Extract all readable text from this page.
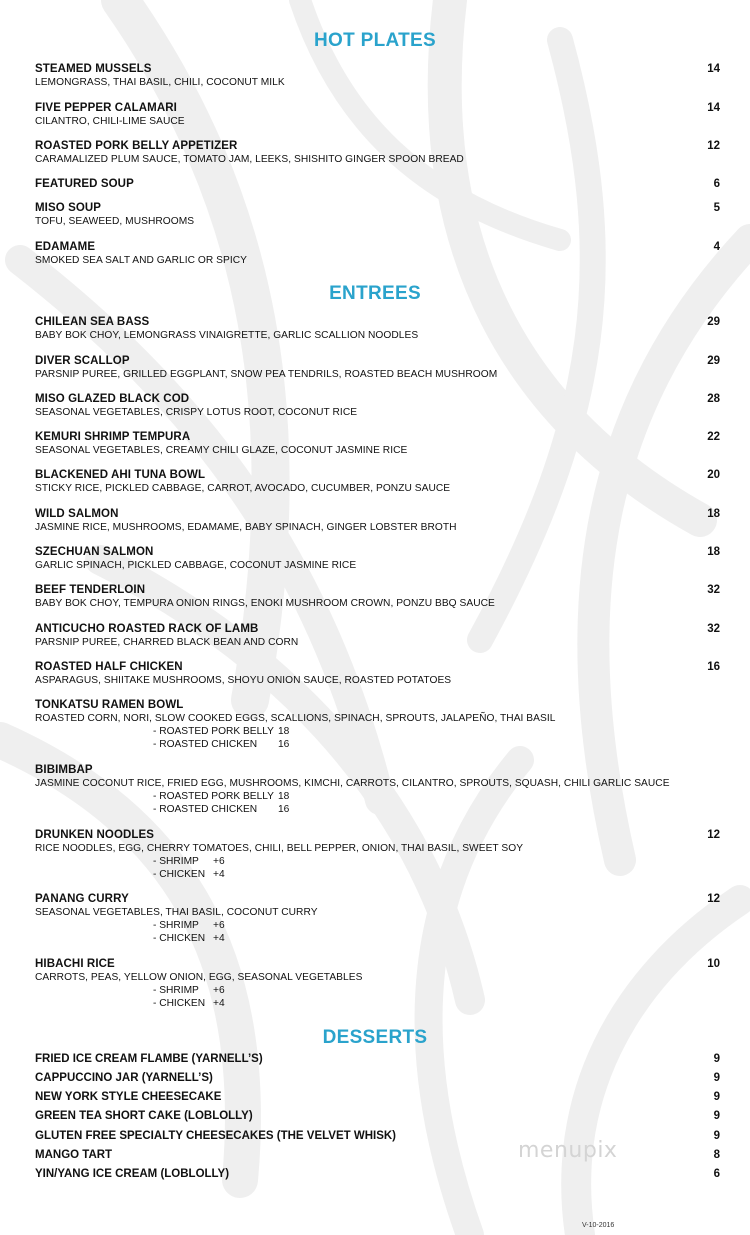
HOT PLATES
STEAMED MUSSELS
LEMONGRASS, THAI BASIL, CHILI, COCONUT MILK
14
FIVE PEPPER CALAMARI
CILANTRO, CHILI-LIME SAUCE
14
ROASTED PORK BELLY APPETIZER
CARAMALIZED PLUM SAUCE, TOMATO JAM, LEEKS, SHISHITO GINGER SPOON BREAD
12
FEATURED SOUP	6
MISO SOUP
TOFU, SEAWEED, MUSHROOMS
5
EDAMAME
SMOKED SEA SALT AND GARLIC OR SPICY
4
ENTREES
CHILEAN SEA BASS
BABY BOK CHOY, LEMONGRASS VINAIGRETTE, GARLIC SCALLION NOODLES
29
DIVER SCALLOP
PARSNIP PUREE, GRILLED EGGPLANT, SNOW PEA TENDRILS, ROASTED BEACH MUSHROOM
29
MISO GLAZED BLACK COD
SEASONAL VEGETABLES, CRISPY LOTUS ROOT, COCONUT RICE
28
KEMURI SHRIMP TEMPURA
SEASONAL VEGETABLES, CREAMY CHILI GLAZE, COCONUT JASMINE RICE
22
BLACKENED AHI TUNA BOWL
STICKY RICE, PICKLED CABBAGE, CARROT, AVOCADO, CUCUMBER, PONZU SAUCE
20
WILD SALMON
JASMINE RICE, MUSHROOMS, EDAMAME, BABY SPINACH, GINGER LOBSTER BROTH
18
SZECHUAN SALMON
GARLIC SPINACH, PICKLED CABBAGE, COCONUT JASMINE RICE
18
BEEF TENDERLOIN
BABY BOK CHOY, TEMPURA ONION RINGS, ENOKI MUSHROOM CROWN, PONZU BBQ SAUCE
32
ANTICUCHO ROASTED RACK OF LAMB
PARSNIP PUREE, CHARRED BLACK BEAN AND CORN
32
ROASTED HALF CHICKEN
ASPARAGUS, SHIITAKE MUSHROOMS, SHOYU ONION SAUCE, ROASTED POTATOES
16
TONKATSU RAMEN BOWL
ROASTED CORN, NORI, SLOW COOKED EGGS, SCALLIONS, SPINACH, SPROUTS, JALAPEÑO, THAI BASIL
- ROASTED PORK BELLY 18
- ROASTED CHICKEN 16
BIBIMBAP
JASMINE COCONUT RICE, FRIED EGG, MUSHROOMS, KIMCHI, CARROTS, CILANTRO, SPROUTS, SQUASH, CHILI GARLIC SAUCE
- ROASTED PORK BELLY 18
- ROASTED CHICKEN 16
DRUNKEN NOODLES
RICE NOODLES, EGG, CHERRY TOMATOES, CHILI, BELL PEPPER, ONION, THAI BASIL, SWEET SOY
12
- SHRIMP +6
- CHICKEN +4
PANANG CURRY
SEASONAL VEGETABLES, THAI BASIL, COCONUT CURRY
12
- SHRIMP +6
- CHICKEN +4
HIBACHI RICE
CARROTS, PEAS, YELLOW ONION, EGG, SEASONAL VEGETABLES
10
- SHRIMP +6
- CHICKEN +4
DESSERTS
FRIED ICE CREAM FLAMBE (YARNELL’S)	9
CAPPUCCINO JAR (YARNELL’S)	9
NEW YORK STYLE CHEESECAKE	9
GREEN TEA SHORT CAKE (LOBLOLLY)	9
GLUTEN FREE SPECIALTY CHEESECAKES (THE VELVET WHISK)	9
MANGO TART	8
YIN/YANG ICE CREAM (LOBLOLLY)	6
menupix
V-10-2016
